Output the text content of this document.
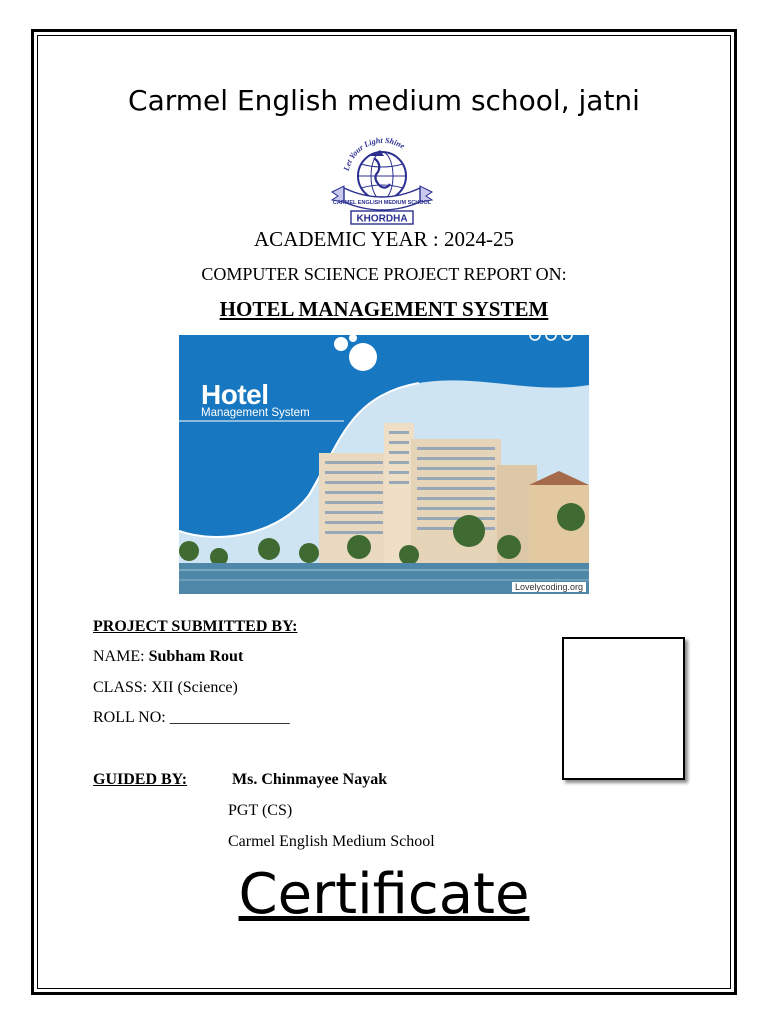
Carmel English medium school, jatni
Let Your Light Shine
CARMEL ENGLISH MEDIUM SCHOOL
KHORDHA
ACADEMIC YEAR : 2024-25
COMPUTER SCIENCE PROJECT REPORT ON:
HOTEL MANAGEMENT SYSTEM
Hotel
Management System
Lovelycoding.org
PROJECT SUBMITTED BY:
NAME: Subham Rout
CLASS: XII (Science)
ROLL NO: _______________
GUIDED BY:	Ms. Chinmayee Nayak
PGT (CS)
Carmel English Medium School
Certificate
